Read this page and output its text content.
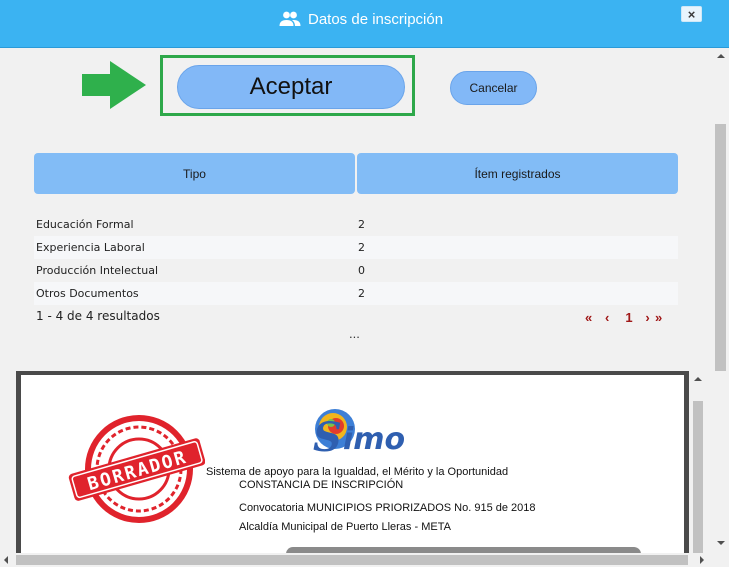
Datos de inscripción	×
Aceptar	Cancelar
Tipo	Ítem registrados
Educación Formal	2
Experiencia Laboral	2
Producción Intelectual	0
Otros Documentos	2
1 - 4 de 4 resultados	« ‹	1 › »
...
BORRADOR
S imo
Sistema de apoyo para la Igualdad, el Mérito y la Oportunidad
CONSTANCIA DE INSCRIPCIÓN
Convocatoria MUNICIPIOS PRIORIZADOS No. 915 de 2018
Alcaldía Municipal de Puerto Lleras - META
